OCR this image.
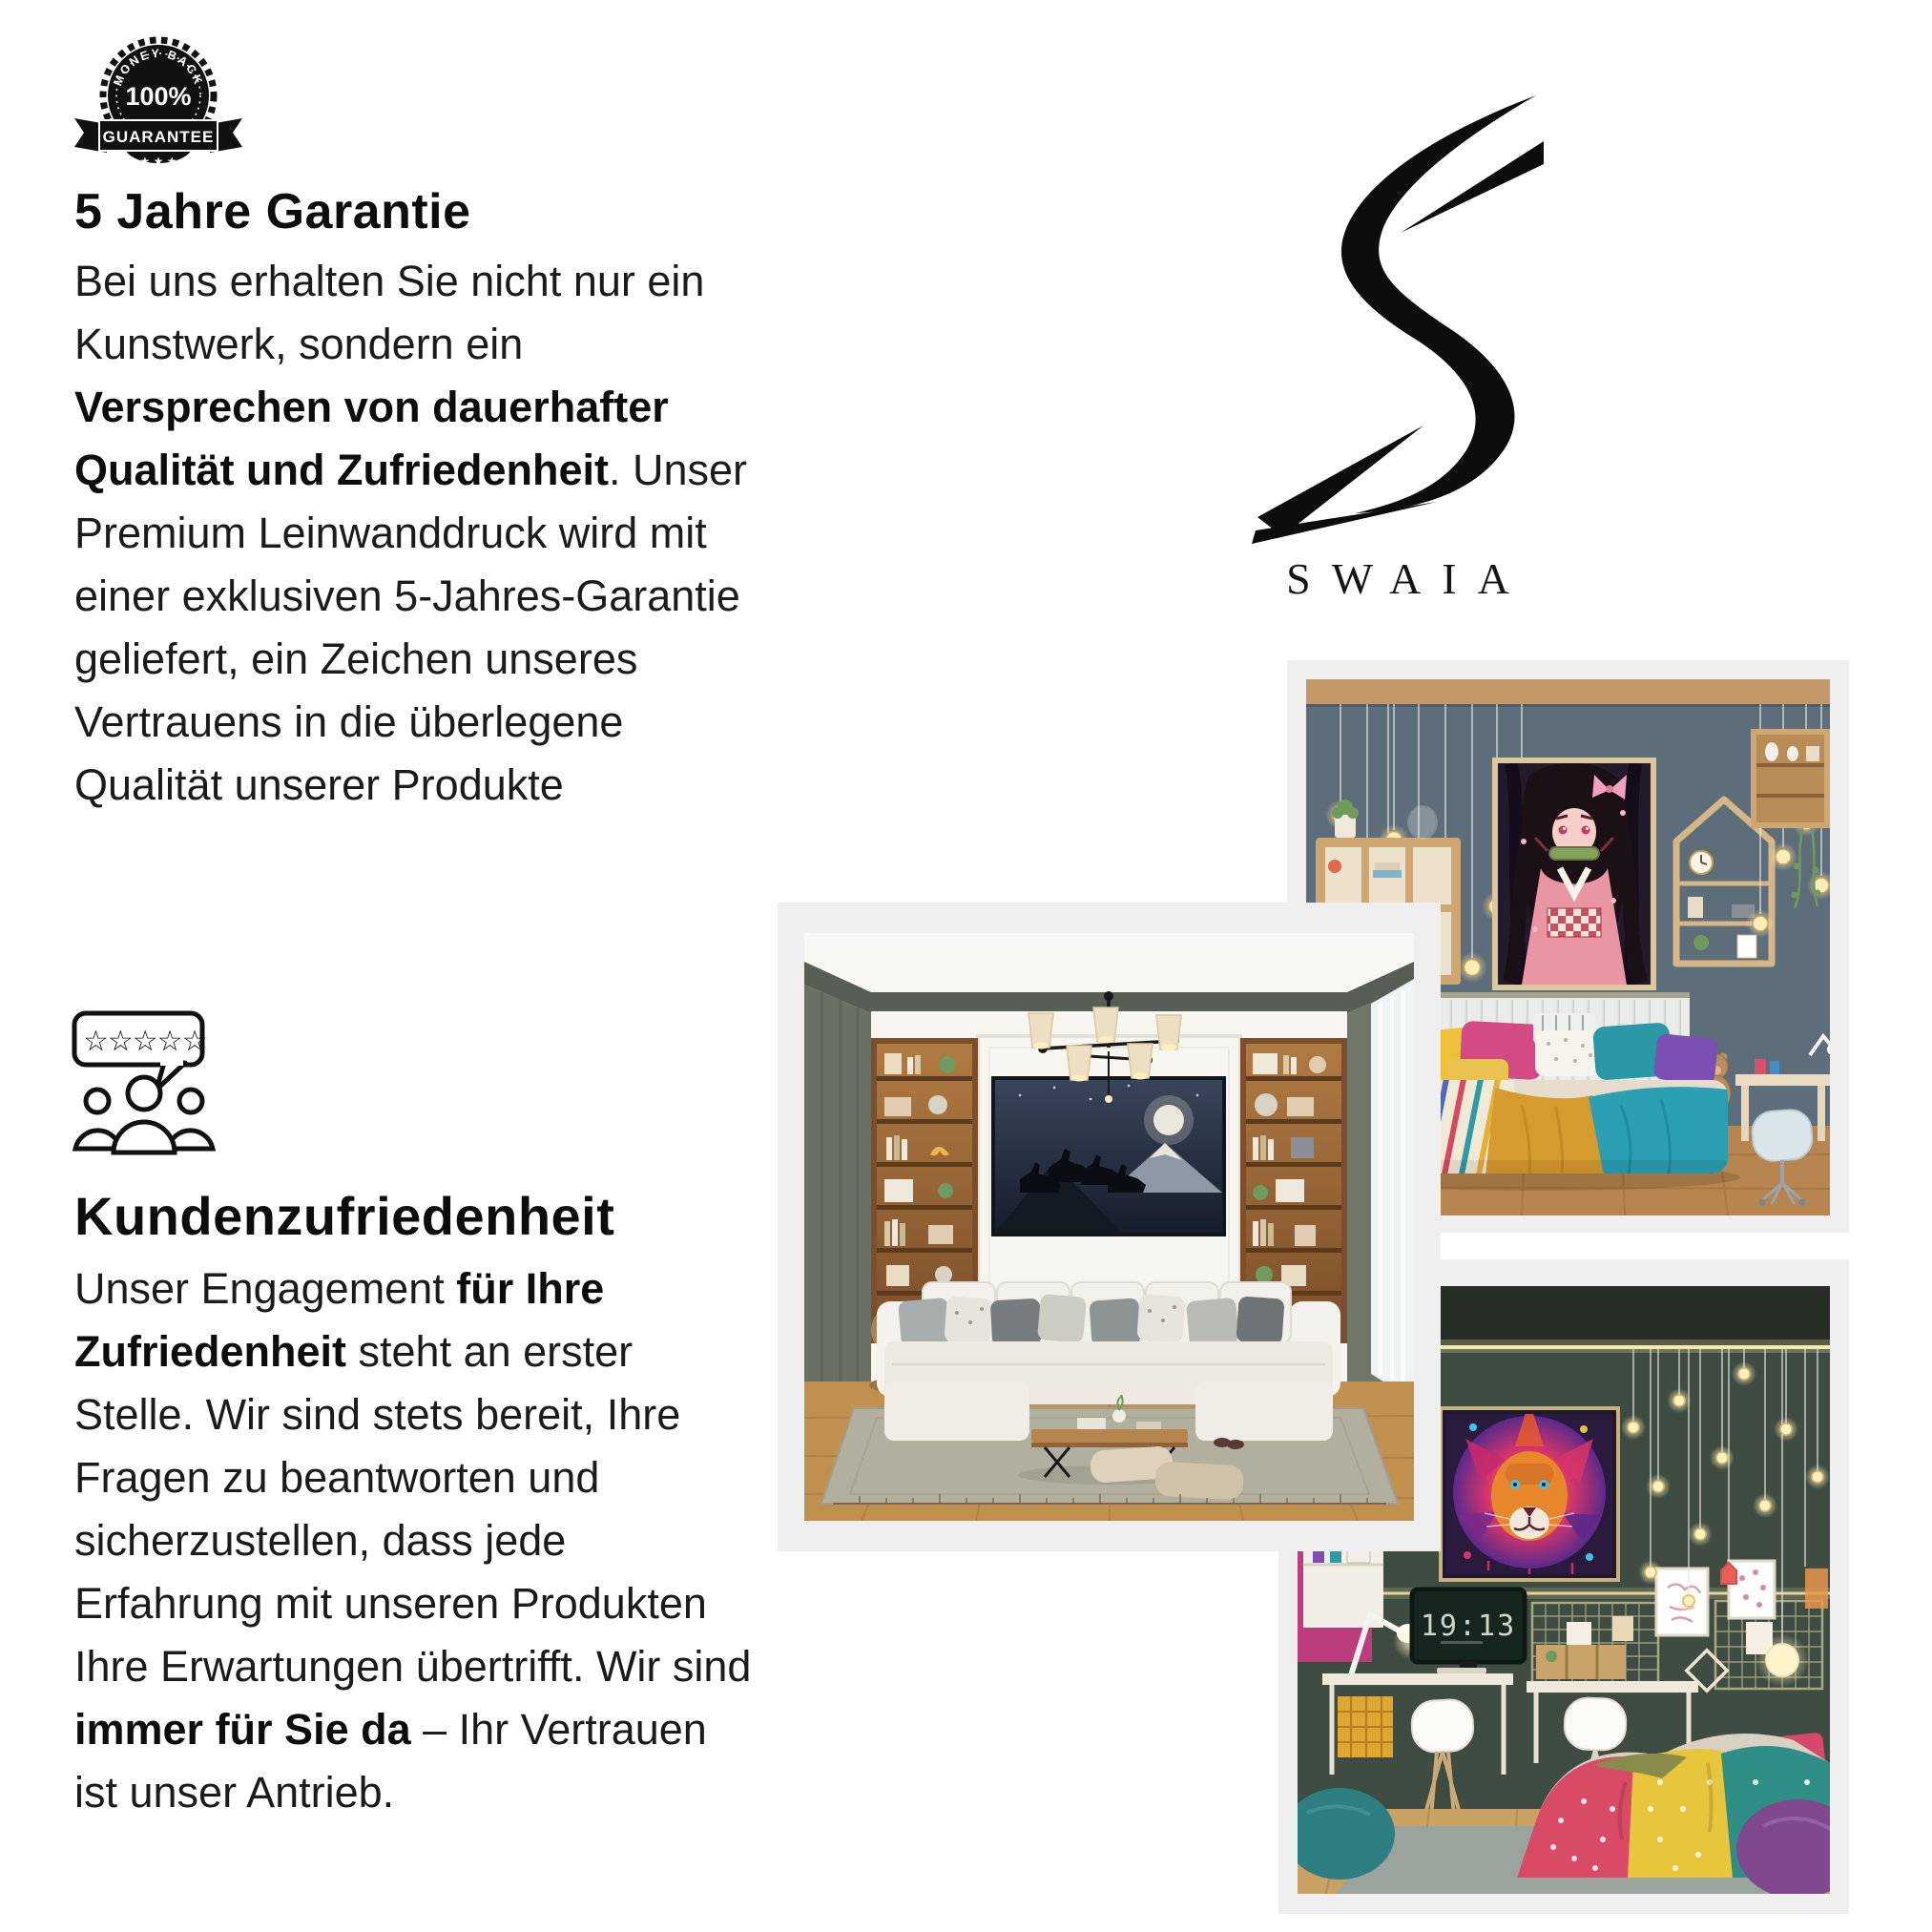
MONEY BACK
100%
GUARANTEE
★ ★ ★
5 Jahre Garantie
Bei uns erhalten Sie nicht nur ein Kunstwerk, sondern ein Versprechen von dauerhafter Qualität und Zufriedenheit. Unser Premium Leinwanddruck wird mit einer exklusiven 5-Jahres-Garantie geliefert, ein Zeichen unseres Vertrauens in die überlegene Qualität unserer Produkte
☆☆☆☆☆
Kundenzufriedenheit
Unser Engagement für Ihre Zufriedenheit steht an erster Stelle. Wir sind stets bereit, Ihre Fragen zu beantworten und sicherzustellen, dass jede Erfahrung mit unseren Produkten Ihre Erwartungen übertrifft. Wir sind immer für Sie da – Ihr Vertrauen ist unser Antrieb.
SWAIA
19:13
